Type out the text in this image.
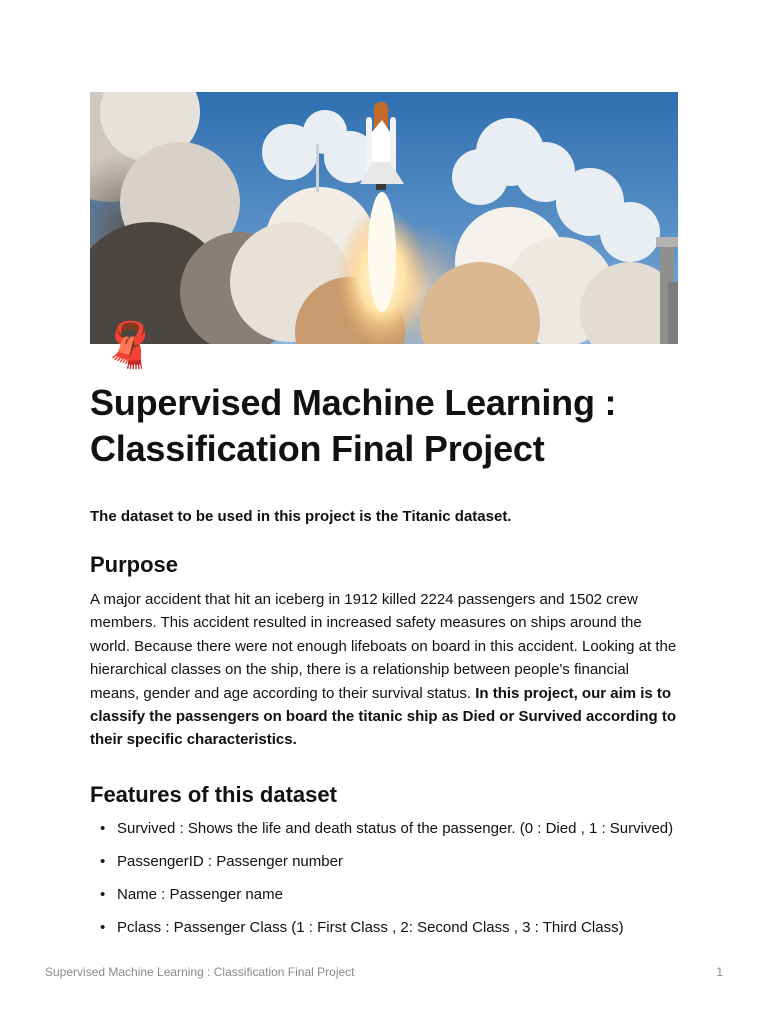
🧣
Supervised Machine Learning : Classification Final Project

The dataset to be used in this project is the Titanic dataset.

Purpose

A major accident that hit an iceberg in 1912 killed 2224 passengers and 1502 crew members. This accident resulted in increased safety measures on ships around the world. Because there were not enough lifeboats on board in this accident. Looking at the hierarchical classes on the ship, there is a relationship between people's financial means, gender and age according to their survival status. In this project, our aim is to classify the passengers on board the titanic ship as Died or Survived according to their specific characteristics.

Features of this dataset
• Survived : Shows the life and death status of the passenger. (0 : Died , 1 : Survived)
• PassengerID : Passenger number
• Name : Passenger name
• Pclass : Passenger Class (1 : First Class , 2: Second Class , 3 : Third Class)
Supervised Machine Learning : Classification Final Project	1
